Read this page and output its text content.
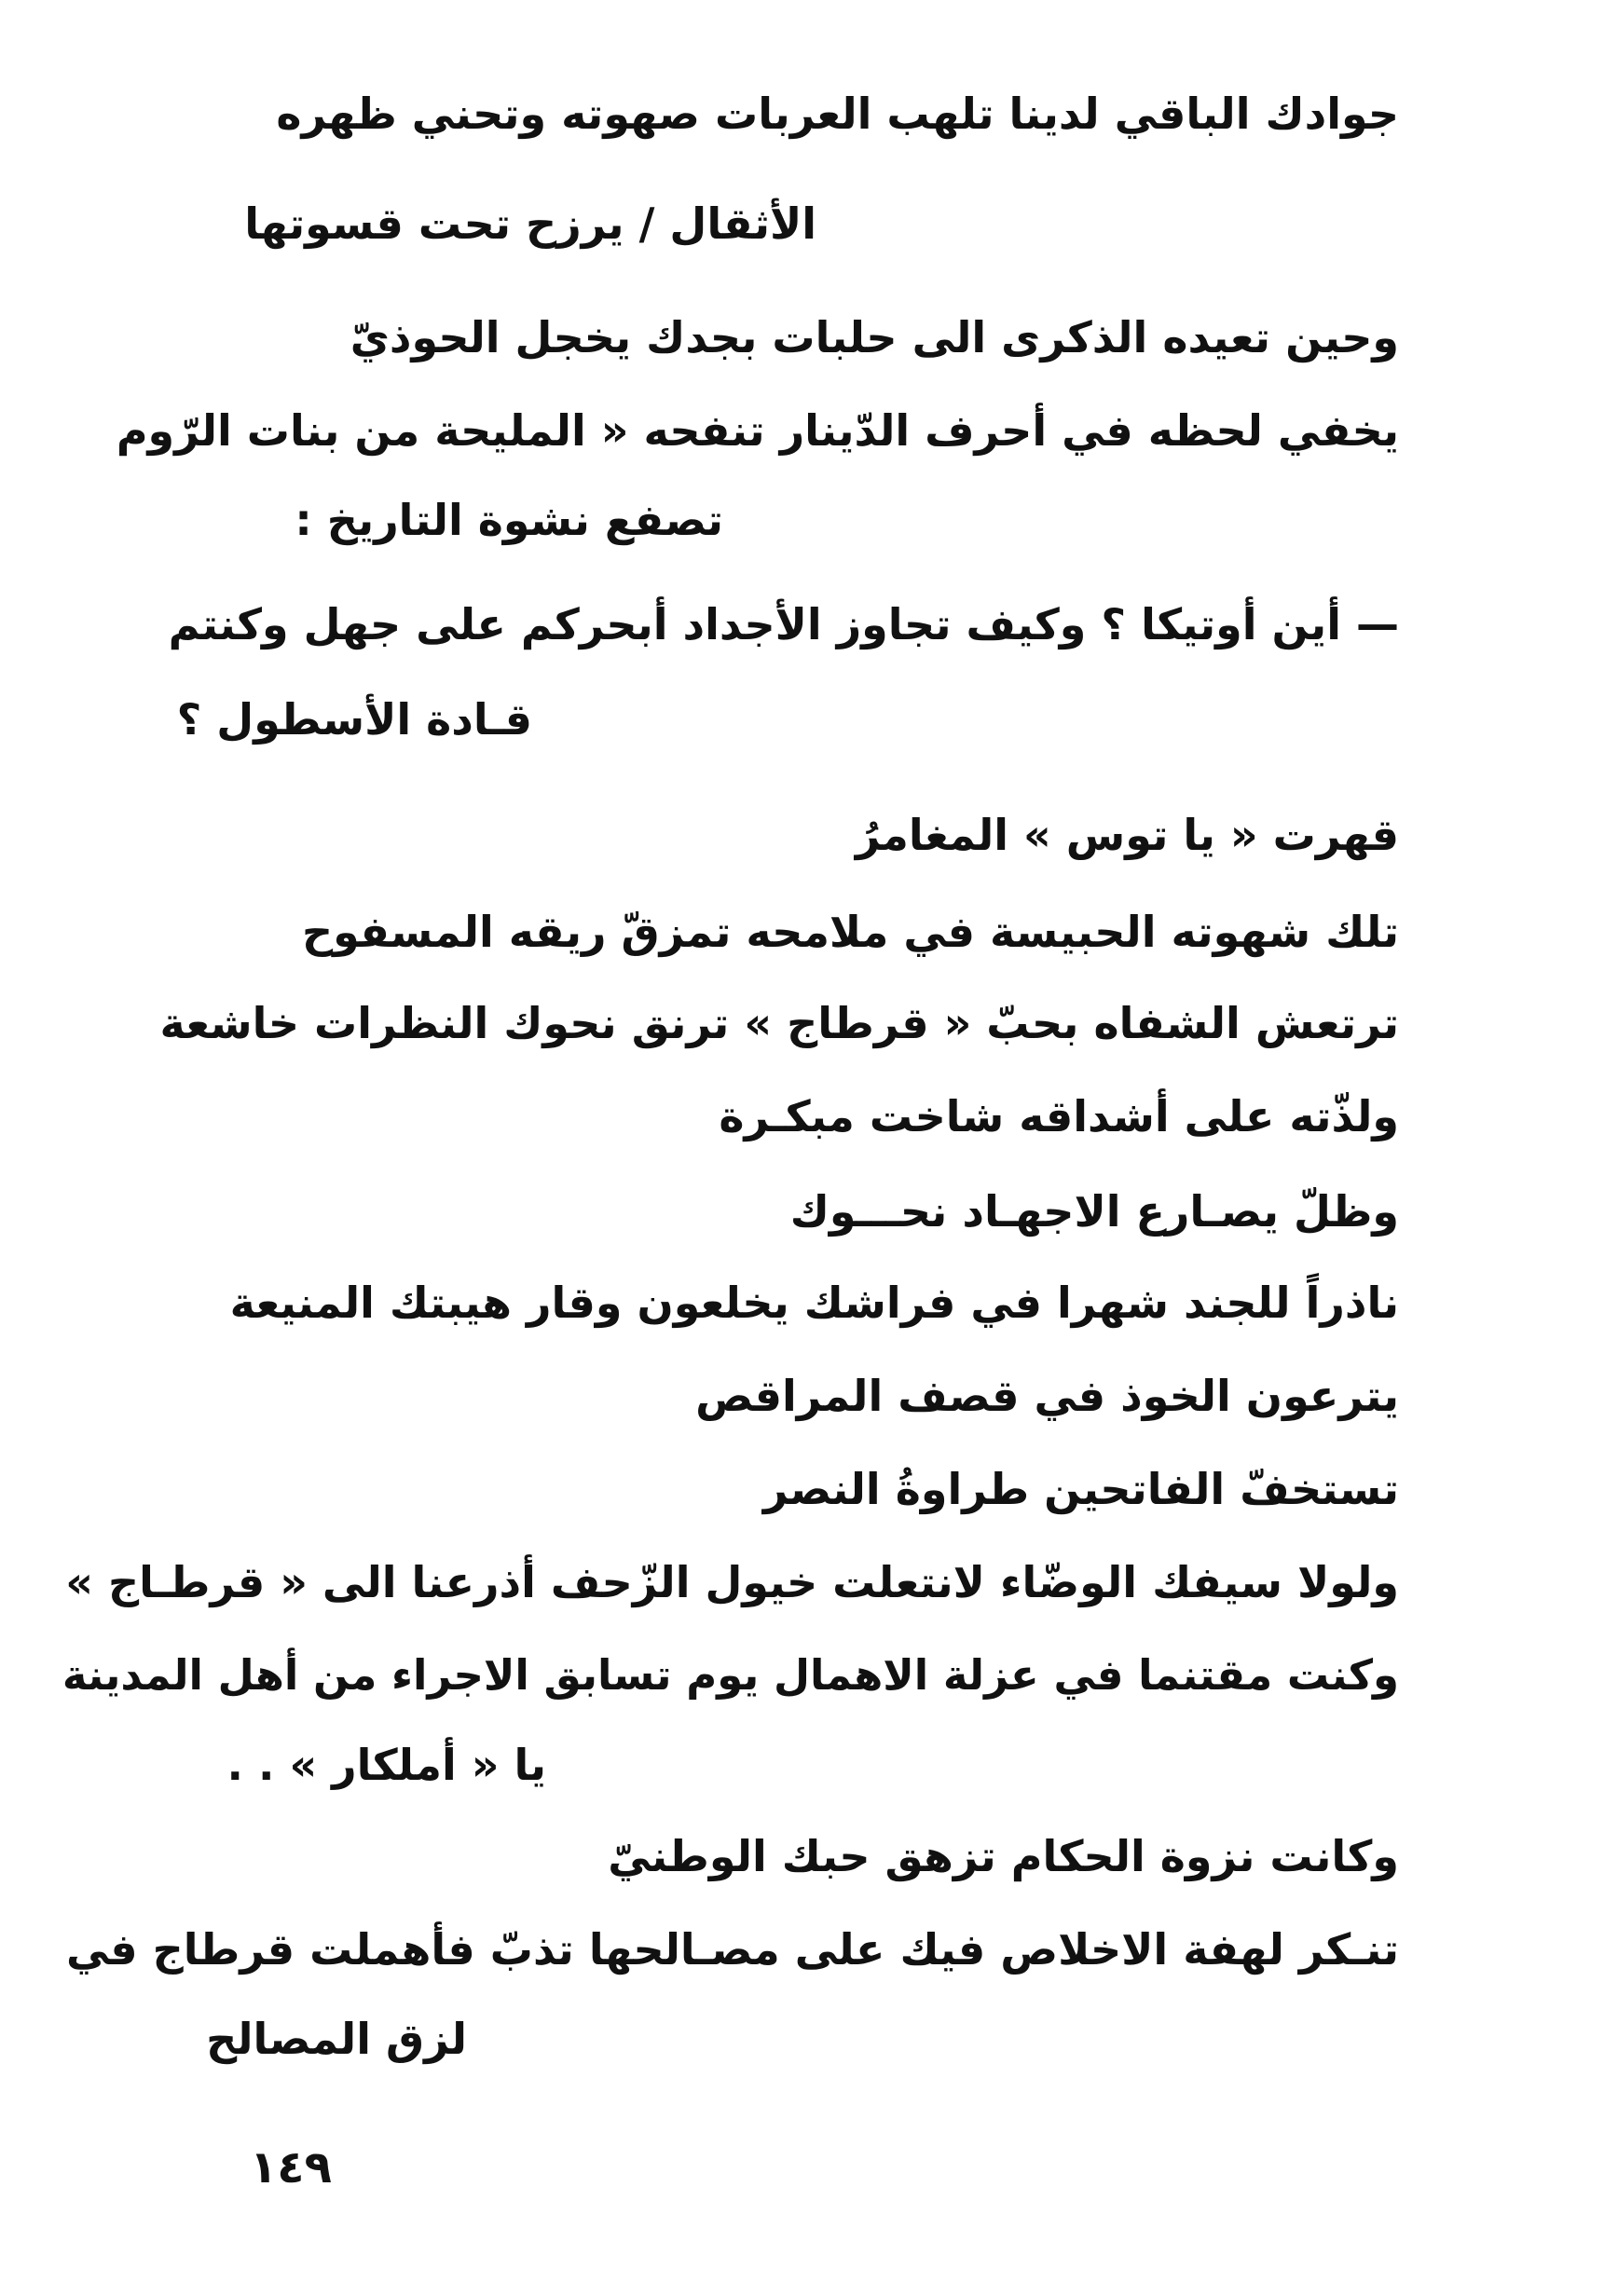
جوادك الباقي لدينا تلهب العربات صهوته وتحني ظهره
الأثقال / يرزح تحت قسوتها
وحين تعيده الذكرى الى حلبات بجدك يخجل الحوذيّ
يخفي لحظه في أحرف الدّينار تنفحه « المليحة من بنات الرّوم
تصفع نشوة التاريخ :
— أين أوتيكا ؟ وكيف تجاوز الأجداد أبحركم على جهل وكنتم
قـادة الأسطول ؟
قهرت « يا توس » المغامرُ
تلك شهوته الحبيسة في ملامحه تمزقّ ريقه المسفوح
ترتعش الشفاه بحبّ « قرطاج » ترنق نحوك النظرات خاشعة
ولذّته على أشداقه شاخت مبكـرة
وظلّ يصـارع الاجهـاد نحـــوك
ناذراً للجند شهرا في فراشك يخلعون وقار هيبتك المنيعة
يترعون الخوذ في قصف المراقص
تستخفّ الفاتحين طراوةُ النصر
ولولا سيفك الوضّاء لانتعلت خيول الزّحف أذرعنا الى « قرطـاج »
وكنت مقتنما في عزلة الاهمال يوم تسابق الاجراء من أهل المدينة
يا « أملكار » . .
وكانت نزوة الحكام تزهق حبك الوطنيّ
تنـكر لهفة الاخلاص فيك على مصـالحها تذبّ فأهملت قرطاج في
لزق المصالح
١٤٩
